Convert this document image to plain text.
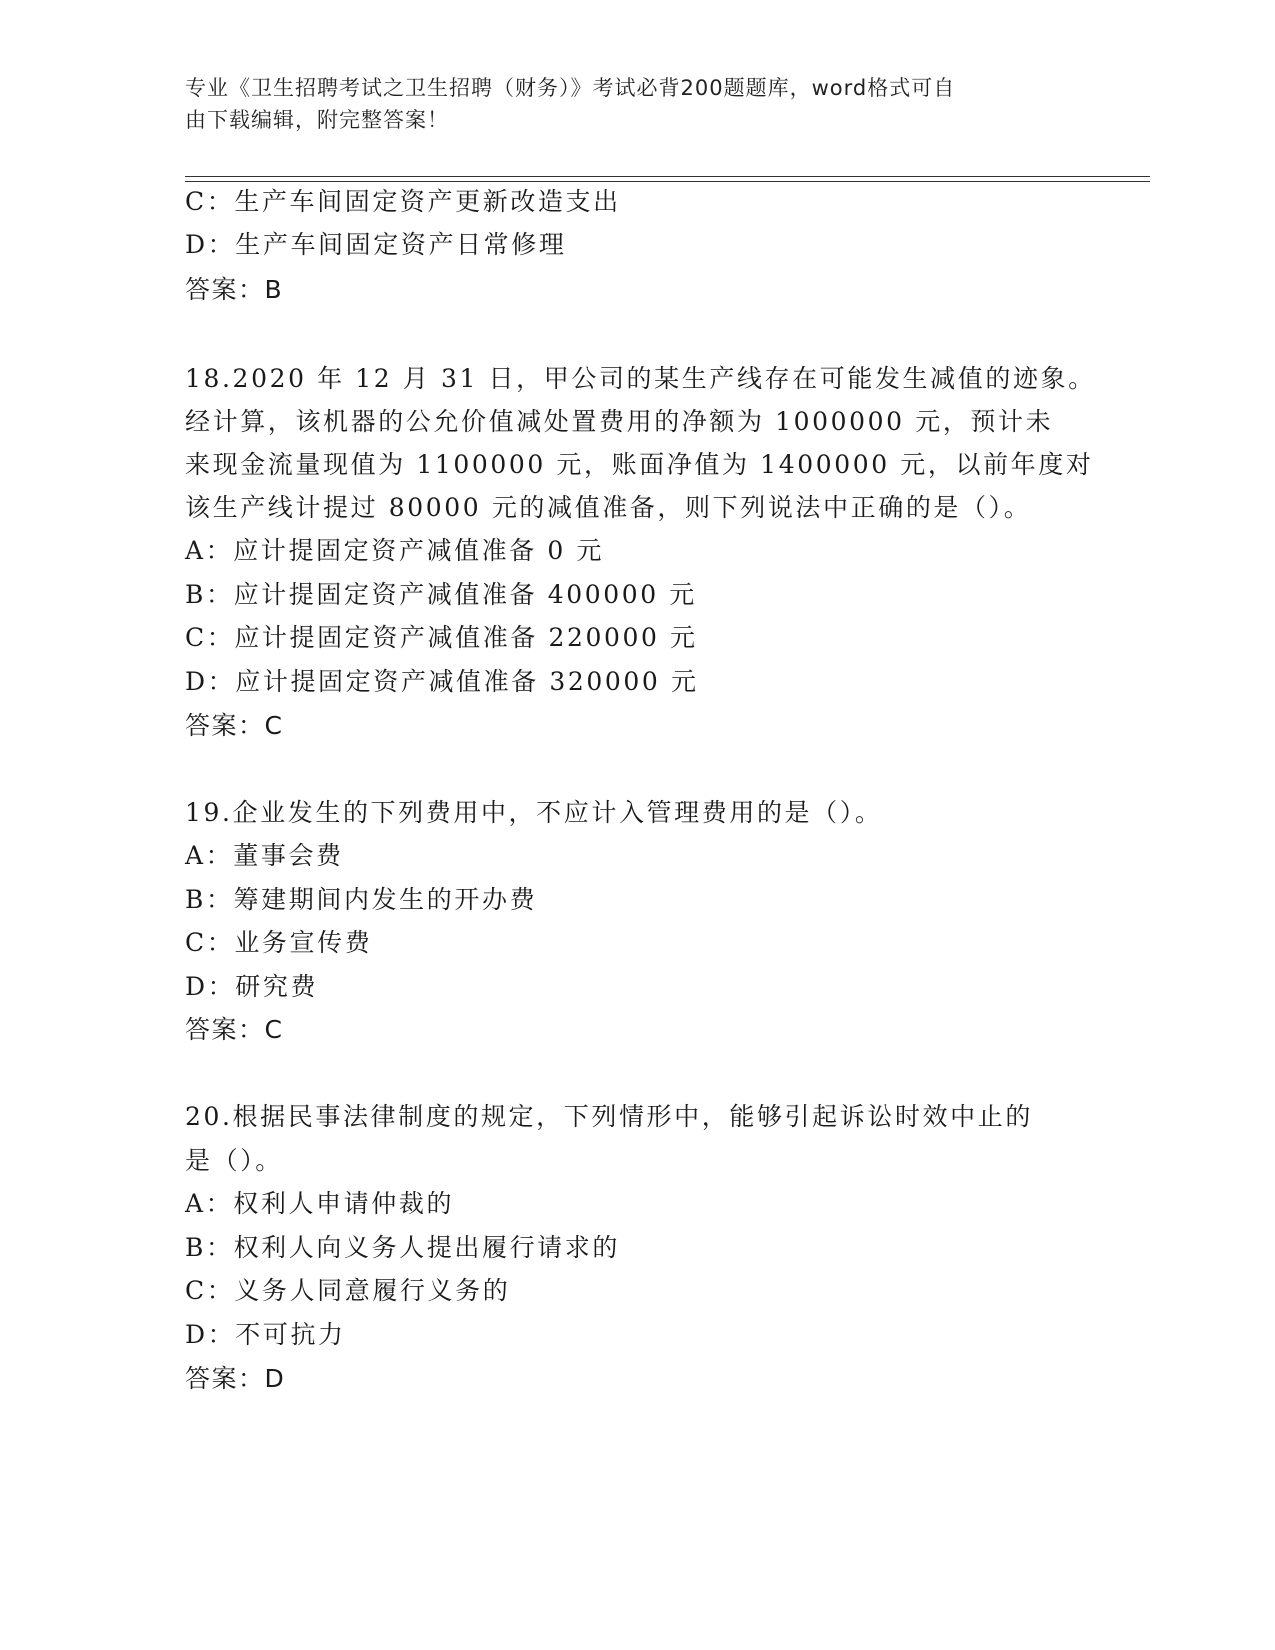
专业《卫生招聘考试之卫生招聘（财务）》考试必背200题题库，word格式可自
由下载编辑，附完整答案！
C：生产车间固定资产更新改造支出
D：生产车间固定资产日常修理
答案：B
18.2020 年 12 月 31 日，甲公司的某生产线存在可能发生减值的迹象。
经计算，该机器的公允价值减处置费用的净额为 1000000 元，预计未
来现金流量现值为 1100000 元，账面净值为 1400000 元，以前年度对
该生产线计提过 80000 元的减值准备，则下列说法中正确的是（）。
A：应计提固定资产减值准备 0 元
B：应计提固定资产减值准备 400000 元
C：应计提固定资产减值准备 220000 元
D：应计提固定资产减值准备 320000 元
答案：C
19.企业发生的下列费用中，不应计入管理费用的是（）。
A：董事会费
B：筹建期间内发生的开办费
C：业务宣传费
D：研究费
答案：C
20.根据民事法律制度的规定，下列情形中，能够引起诉讼时效中止的
是（）。
A：权利人申请仲裁的
B：权利人向义务人提出履行请求的
C：义务人同意履行义务的
D：不可抗力
答案：D
